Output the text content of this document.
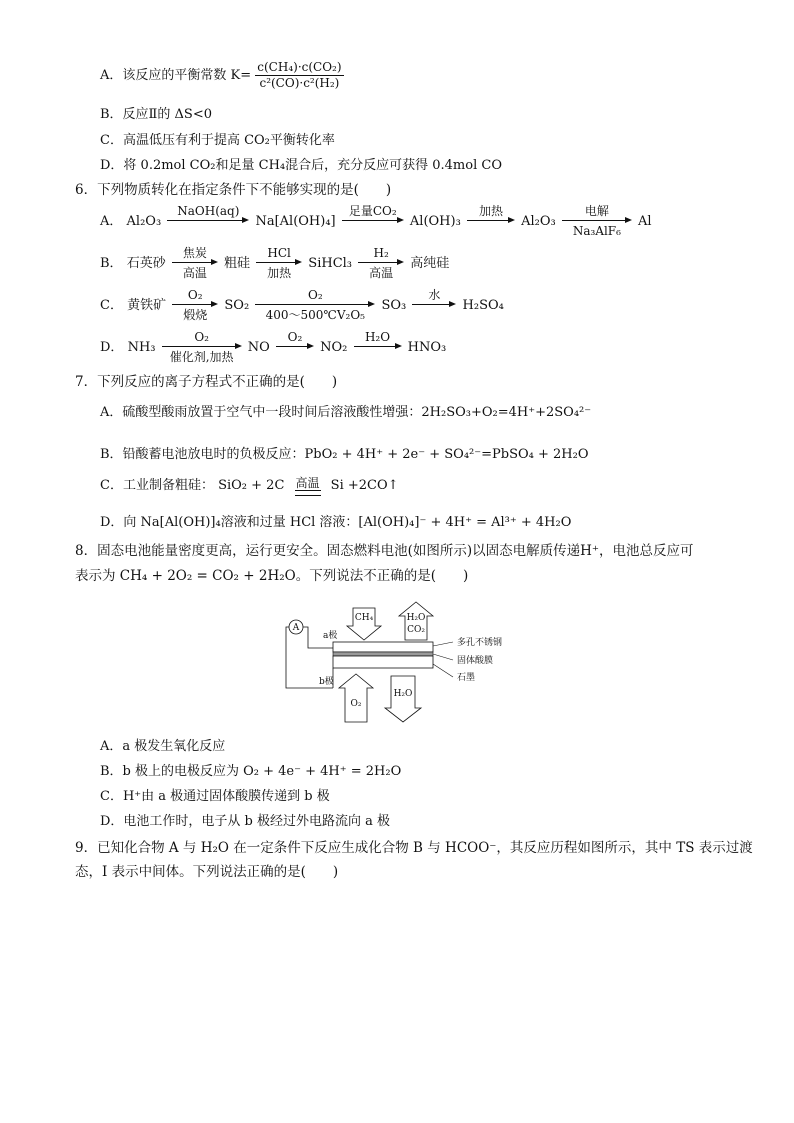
A．该反应的平衡常数 $K= \frac{\text{c(CH₄)·c(CO₂)}}{\text{c²(CO)·c²(H₂)}}$
B．反应Ⅱ的 ΔS<0
C．高温低压有利于提高 CO₂平衡转化率
D．将 0.2mol CO₂和足量 CH₄混合后，充分反应可获得 0.4mol CO
6．下列物质转化在指定条件下不能够实现的是(　　)
A． Al₂O₃
NaOH(aq)
Na[Al(OH)₄]
足量CO₂
Al(OH)₃
加热
Al₂O₃
电解
Na₃AlF₆
Al
B． 石英砂
焦炭
高温
粗硅
HCl
加热
SiHCl₃
H₂
高温
高纯硅
C． 黄铁矿
O₂
煅烧
SO₂
O₂
400～500℃V₂O₅
SO₃
水
H₂SO₄
D． NH₃
O₂
催化剂,加热
NO
O₂
NO₂
H₂O
HNO₃
7．下列反应的离子方程式不正确的是(　　)
A．硫酸型酸雨放置于空气中一段时间后溶液酸性增强：2H₂SO₃+O₂=4H⁺+2SO₄²⁻
B．铅酸蓄电池放电时的负极反应：PbO₂ + 4H⁺ + 2e⁻ + SO₄²⁻=PbSO₄ + 2H₂O
C．工业制备粗硅： SiO₂ + 2C 高温 Si +2CO↑
D．向 Na[Al(OH)]₄溶液和过量 HCl 溶液：[Al(OH)₄]⁻ + 4H⁺ = Al³⁺ + 4H₂O
8．固态电池能量密度更高，运行更安全。固态燃料电池(如图所示)以固态电解质传递H⁺，电池总反应可
表示为 CH₄ + 2O₂ = CO₂ + 2H₂O。下列说法不正确的是(　　)
A
a极
b极
CH₄	H₂O
CO₂
O₂
H₂O
多孔不锈钢
固体酸膜
石墨
A．a 极发生氧化反应
B．b 极上的电极反应为 O₂ + 4e⁻ + 4H⁺ = 2H₂O
C．H⁺由 a 极通过固体酸膜传递到 b 极
D．电池工作时，电子从 b 极经过外电路流向 a 极
9．已知化合物 A 与 H₂O 在一定条件下反应生成化合物 B 与 HCOO⁻，其反应历程如图所示，其中 TS 表示过渡
态，I 表示中间体。下列说法正确的是(　　)
